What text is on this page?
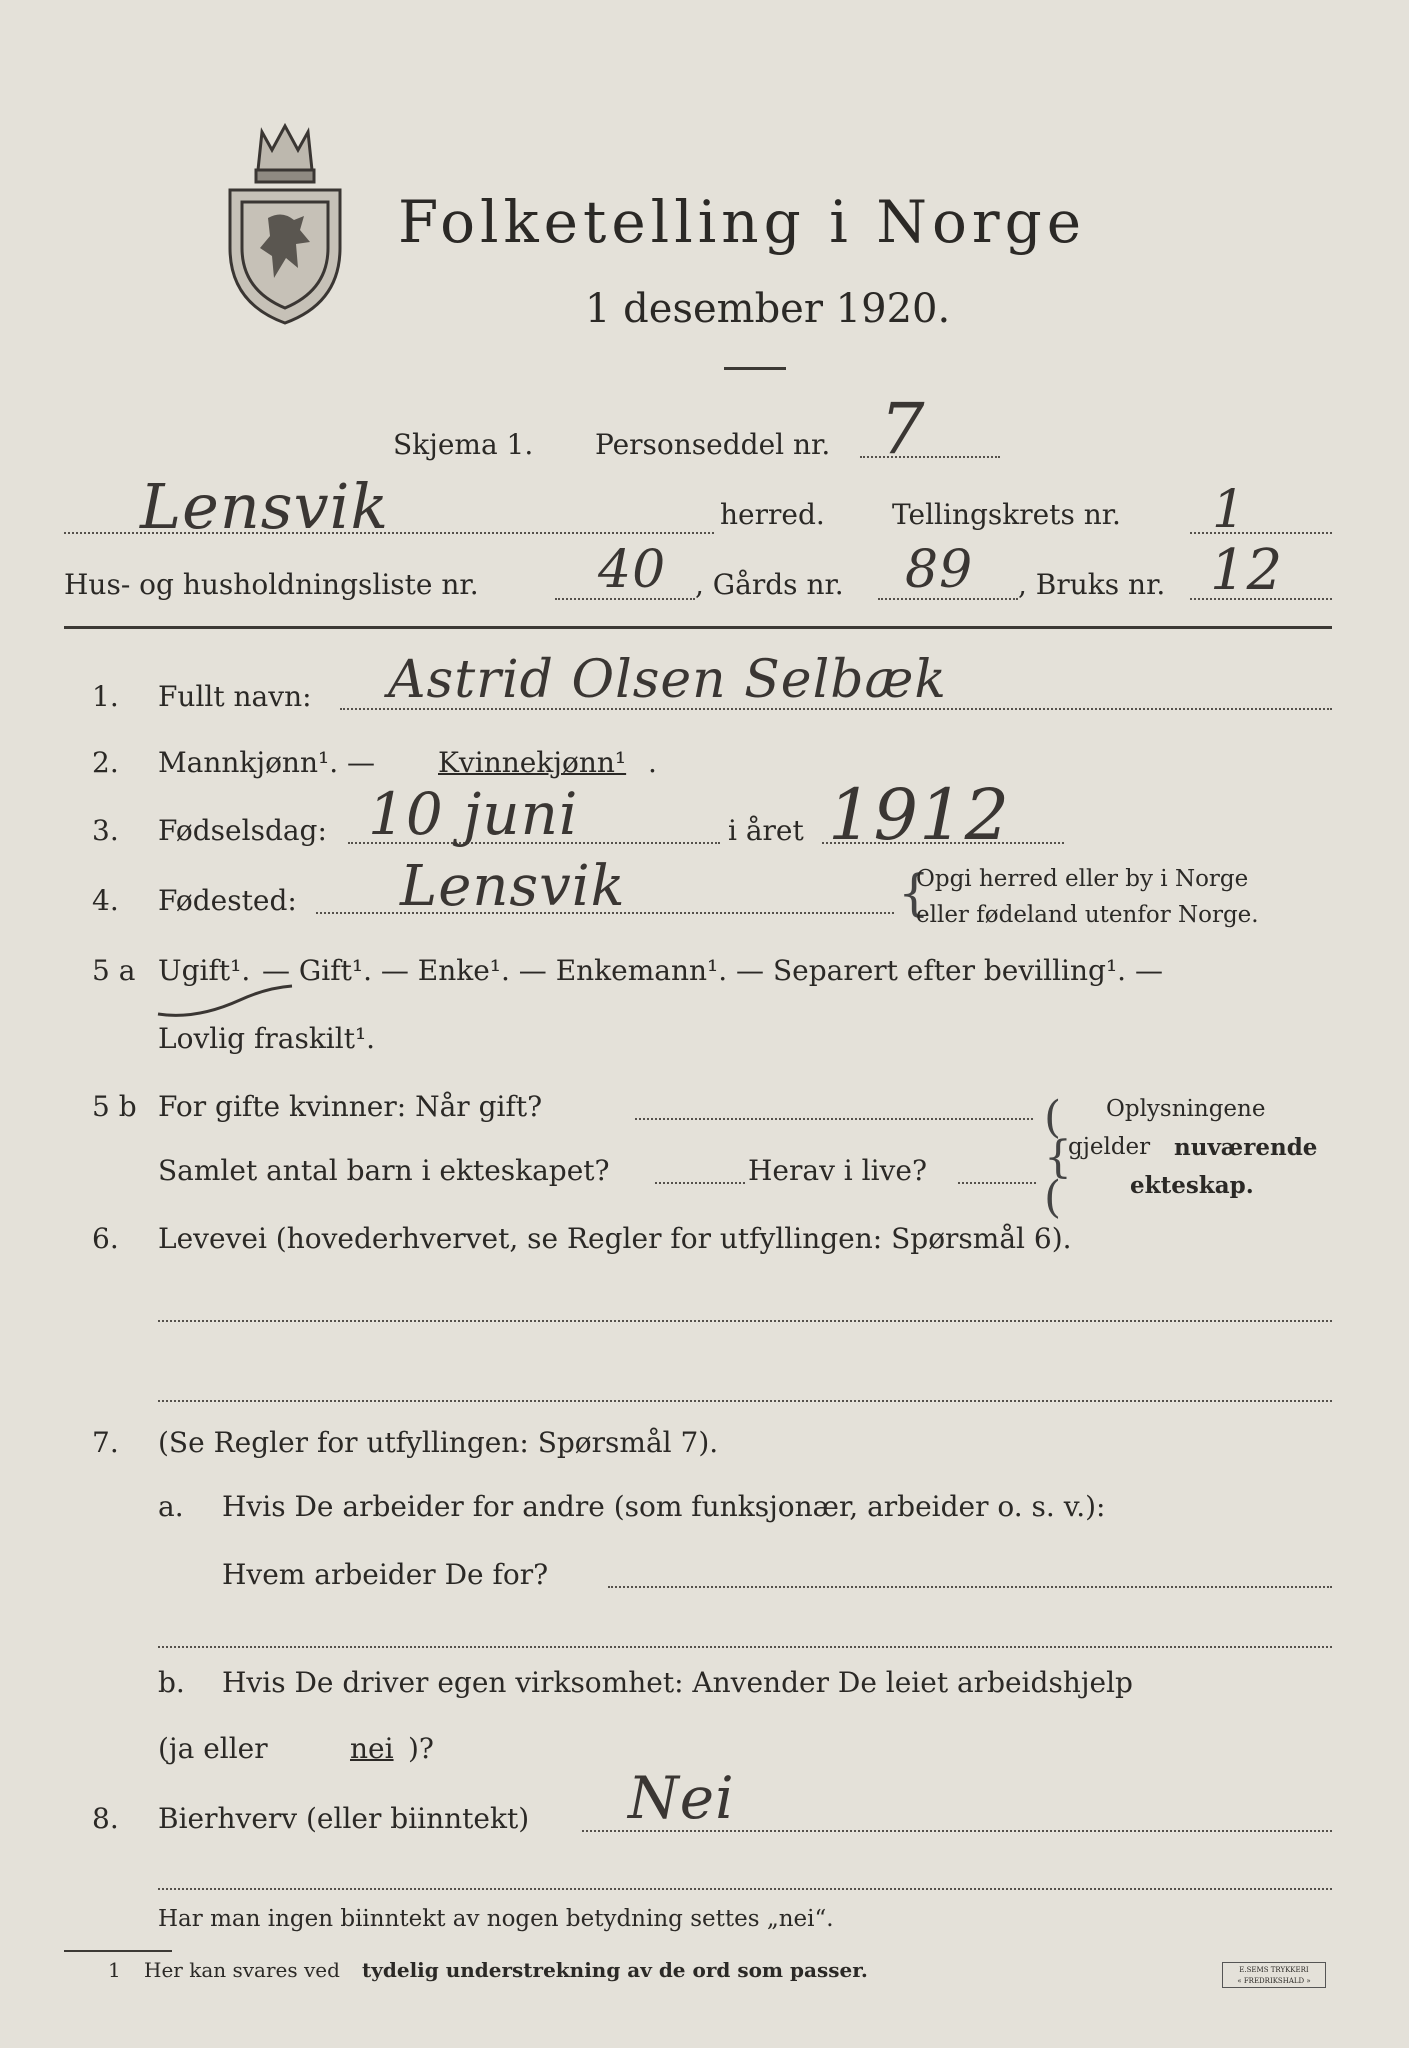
Folketelling i Norge
1 desember 1920.
Skjema 1. Personseddel nr. 7
Lensvik	herred. Tellingskrets nr. 1
Hus- og husholdningsliste nr. 40 , Gårds nr. 89 , Bruks nr. 12
1. Fullt navn: Astrid Olsen Selbæk
2. Mannkjønn¹. — Kvinnekjønn¹ .
3. Fødselsdag: 10 juni	i året 1912
4. Fødested: Lensvik	{
Opgi herred eller by i Norge
eller fødeland utenfor Norge.
5 a Ugift¹. — Gift¹. — Enke¹. — Enkemann¹. — Separert efter bevilling¹. —
Lovlig fraskilt¹.
5 b For gifte kvinner: Når gift?
Samlet antal barn i ekteskapet?	Herav i live?
(
{
(
Oplysningene
gjelder nuværende
ekteskap.
6. Levevei (hovederhvervet, se Regler for utfyllingen: Spørsmål 6).
7. (Se Regler for utfyllingen: Spørsmål 7).
a. Hvis De arbeider for andre (som funksjonær, arbeider o. s. v.):
Hvem arbeider De for?
b. Hvis De driver egen virksomhet: Anvender De leiet arbeidshjelp
(ja eller	nei )?
8. Bierhverv (eller biinntekt) Nei
Har man ingen biinntekt av nogen betydning settes „nei“.
1 Her kan svares ved tydelig understrekning av de ord som passer.	E.SEMS TRYKKERI
« FREDRIKSHALD »
